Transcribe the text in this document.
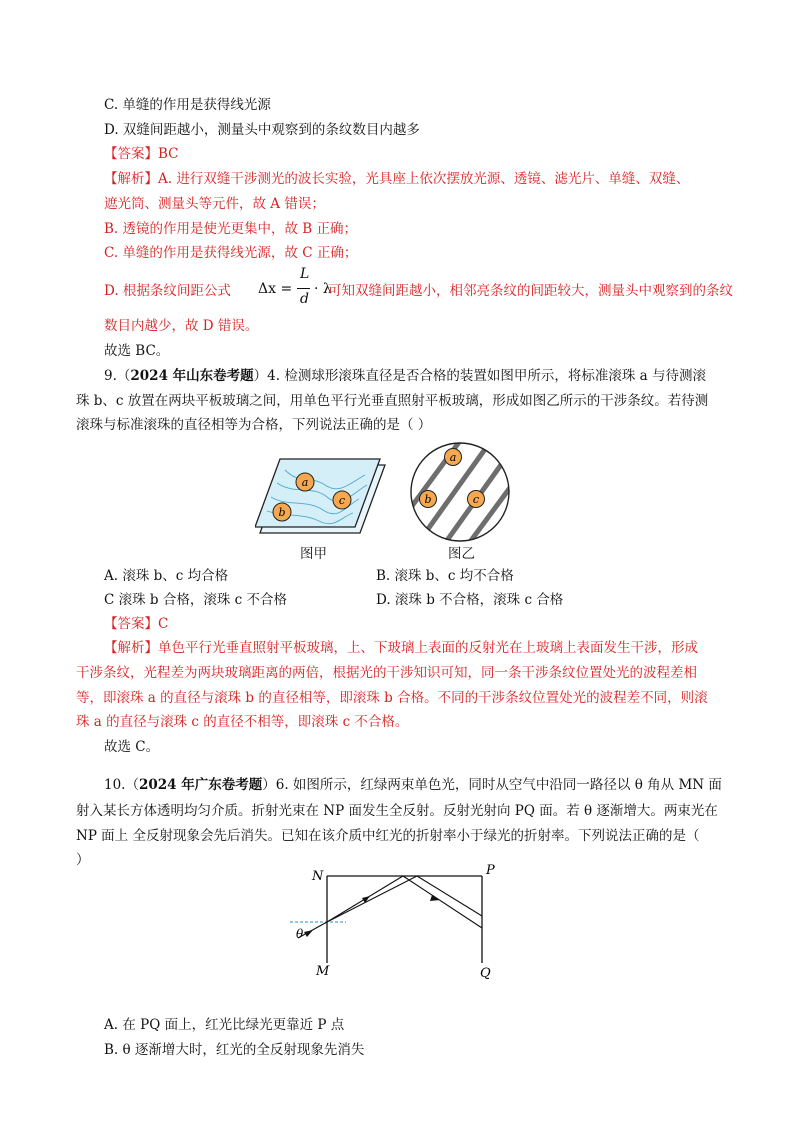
C. 单缝的作用是获得线光源
D. 双缝间距越小，测量头中观察到的条纹数目内越多
【答案】BC
【解析】A. 进行双缝干涉测光的波长实验，光具座上依次摆放光源、透镜、滤光片、单缝、双缝、
遮光筒、测量头等元件，故 A 错误；
B. 透镜的作用是使光更集中，故 B 正确；
C. 单缝的作用是获得线光源，故 C 正确；
D. 根据条纹间距公式 Δx =
L
d
· λ
可知双缝间距越小，相邻亮条纹的间距较大，测量头中观察到的条纹
数目内越少，故 D 错误。
故选 BC。
9.（2024 年山东卷考题）4. 检测球形滚珠直径是否合格的装置如图甲所示，将标准滚珠 a 与待测滚
珠 b、c 放置在两块平板玻璃之间，用单色平行光垂直照射平板玻璃，形成如图乙所示的干涉条纹。若待测
滚珠与标准滚珠的直径相等为合格，下列说法正确的是（ ）
a
c
b
图甲
a
b	c
图乙
A. 滚珠 b、c 均合格	B. 滚珠 b、c 均不合格
C 滚珠 b 合格，滚珠 c 不合格	D. 滚珠 b 不合格，滚珠 c 合格
【答案】C
【解析】单色平行光垂直照射平板玻璃，上、下玻璃上表面的反射光在上玻璃上表面发生干涉，形成
干涉条纹，光程差为两块玻璃距离的两倍，根据光的干涉知识可知，同一条干涉条纹位置处光的波程差相
等，即滚珠 a 的直径与滚珠 b 的直径相等，即滚珠 b 合格。不同的干涉条纹位置处光的波程差不同，则滚
珠 a 的直径与滚珠 c 的直径不相等，即滚珠 c 不合格。
故选 C。
10.（2024 年广东卷考题）6. 如图所示，红绿两束单色光，同时从空气中沿同一路径以 θ 角从 MN 面
射入某长方体透明均匀介质。折射光束在 NP 面发生全反射。反射光射向 PQ 面。若 θ 逐渐增大。两束光在
NP 面上 全反射现象会先后消失。已知在该介质中红光的折射率小于绿光的折射率。下列说法正确的是（
）
N	P
M	Q
θ
A. 在 PQ 面上，红光比绿光更靠近 P 点
B. θ 逐渐增大时，红光的全反射现象先消失
